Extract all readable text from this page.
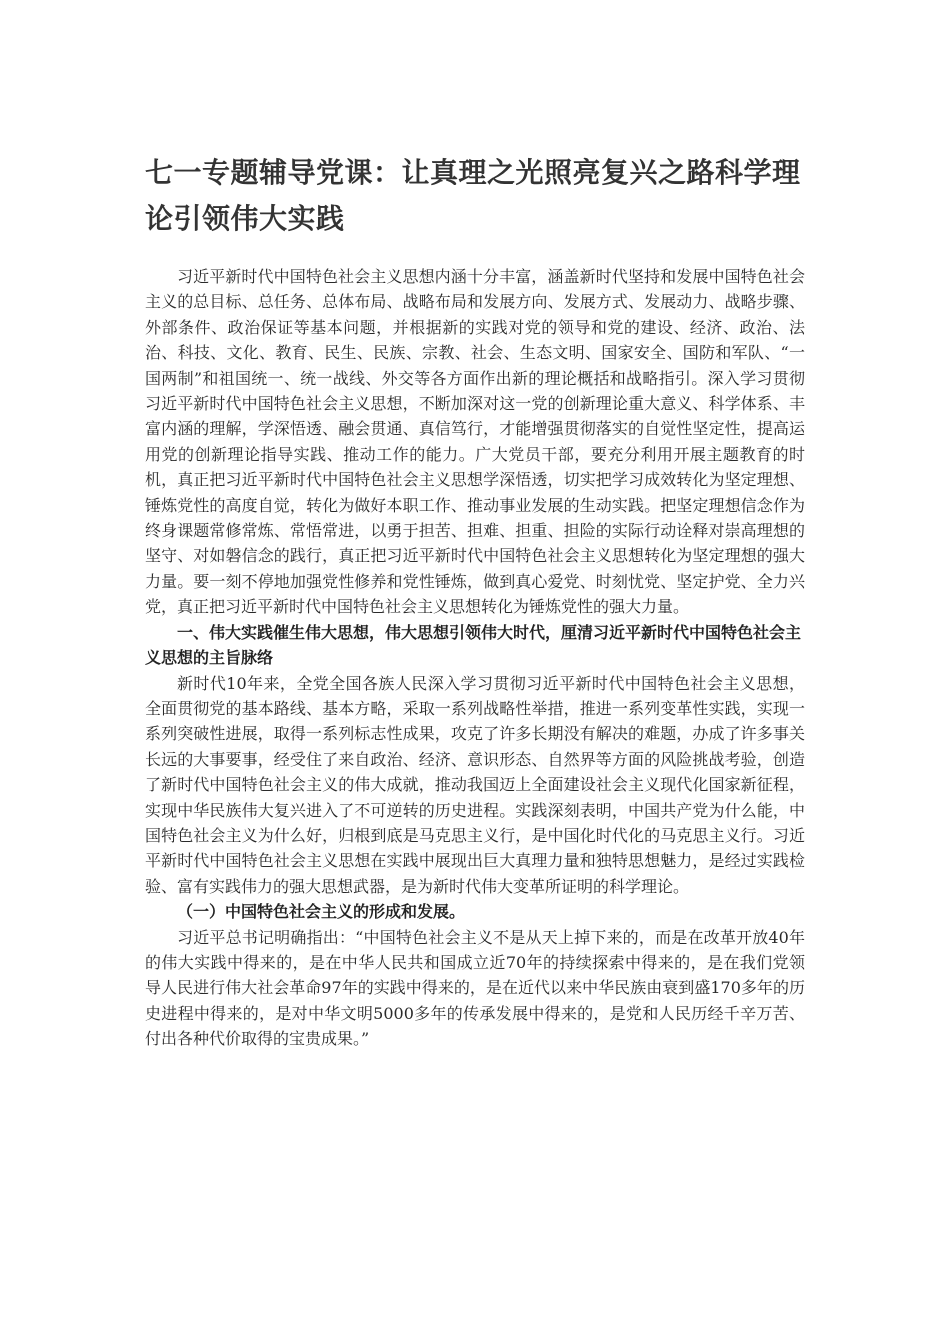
七一专题辅导党课：让真理之光照亮复兴之路科学理论引领伟大实践

习近平新时代中国特色社会主义思想内涵十分丰富，涵盖新时代坚持和发展中国特色社会主义的总目标、总任务、总体布局、战略布局和发展方向、发展方式、发展动力、战略步骤、外部条件、政治保证等基本问题，并根据新的实践对党的领导和党的建设、经济、政治、法治、科技、文化、教育、民生、民族、宗教、社会、生态文明、国家安全、国防和军队、“一国两制”和祖国统一、统一战线、外交等各方面作出新的理论概括和战略指引。深入学习贯彻习近平新时代中国特色社会主义思想，不断加深对这一党的创新理论重大意义、科学体系、丰富内涵的理解，学深悟透、融会贯通、真信笃行，才能增强贯彻落实的自觉性坚定性，提高运用党的创新理论指导实践、推动工作的能力。广大党员干部，要充分利用开展主题教育的时机，真正把习近平新时代中国特色社会主义思想学深悟透，切实把学习成效转化为坚定理想、锤炼党性的高度自觉，转化为做好本职工作、推动事业发展的生动实践。把坚定理想信念作为终身课题常修常炼、常悟常进，以勇于担苦、担难、担重、担险的实际行动诠释对崇高理想的坚守、对如磐信念的践行，真正把习近平新时代中国特色社会主义思想转化为坚定理想的强大力量。要一刻不停地加强党性修养和党性锤炼，做到真心爱党、时刻忧党、坚定护党、全力兴党，真正把习近平新时代中国特色社会主义思想转化为锤炼党性的强大力量。

一、伟大实践催生伟大思想，伟大思想引领伟大时代，厘清习近平新时代中国特色社会主义思想的主旨脉络

新时代10年来，全党全国各族人民深入学习贯彻习近平新时代中国特色社会主义思想，全面贯彻党的基本路线、基本方略，采取一系列战略性举措，推进一系列变革性实践，实现一系列突破性进展，取得一系列标志性成果，攻克了许多长期没有解决的难题，办成了许多事关长远的大事要事，经受住了来自政治、经济、意识形态、自然界等方面的风险挑战考验，创造了新时代中国特色社会主义的伟大成就，推动我国迈上全面建设社会主义现代化国家新征程，实现中华民族伟大复兴进入了不可逆转的历史进程。实践深刻表明，中国共产党为什么能，中国特色社会主义为什么好，归根到底是马克思主义行，是中国化时代化的马克思主义行。习近平新时代中国特色社会主义思想在实践中展现出巨大真理力量和独特思想魅力，是经过实践检验、富有实践伟力的强大思想武器，是为新时代伟大变革所证明的科学理论。

（一）中国特色社会主义的形成和发展。

习近平总书记明确指出：“中国特色社会主义不是从天上掉下来的，而是在改革开放40年的伟大实践中得来的，是在中华人民共和国成立近70年的持续探索中得来的，是在我们党领导人民进行伟大社会革命97年的实践中得来的，是在近代以来中华民族由衰到盛170多年的历史进程中得来的，是对中华文明5000多年的传承发展中得来的，是党和人民历经千辛万苦、付出各种代价取得的宝贵成果。”
